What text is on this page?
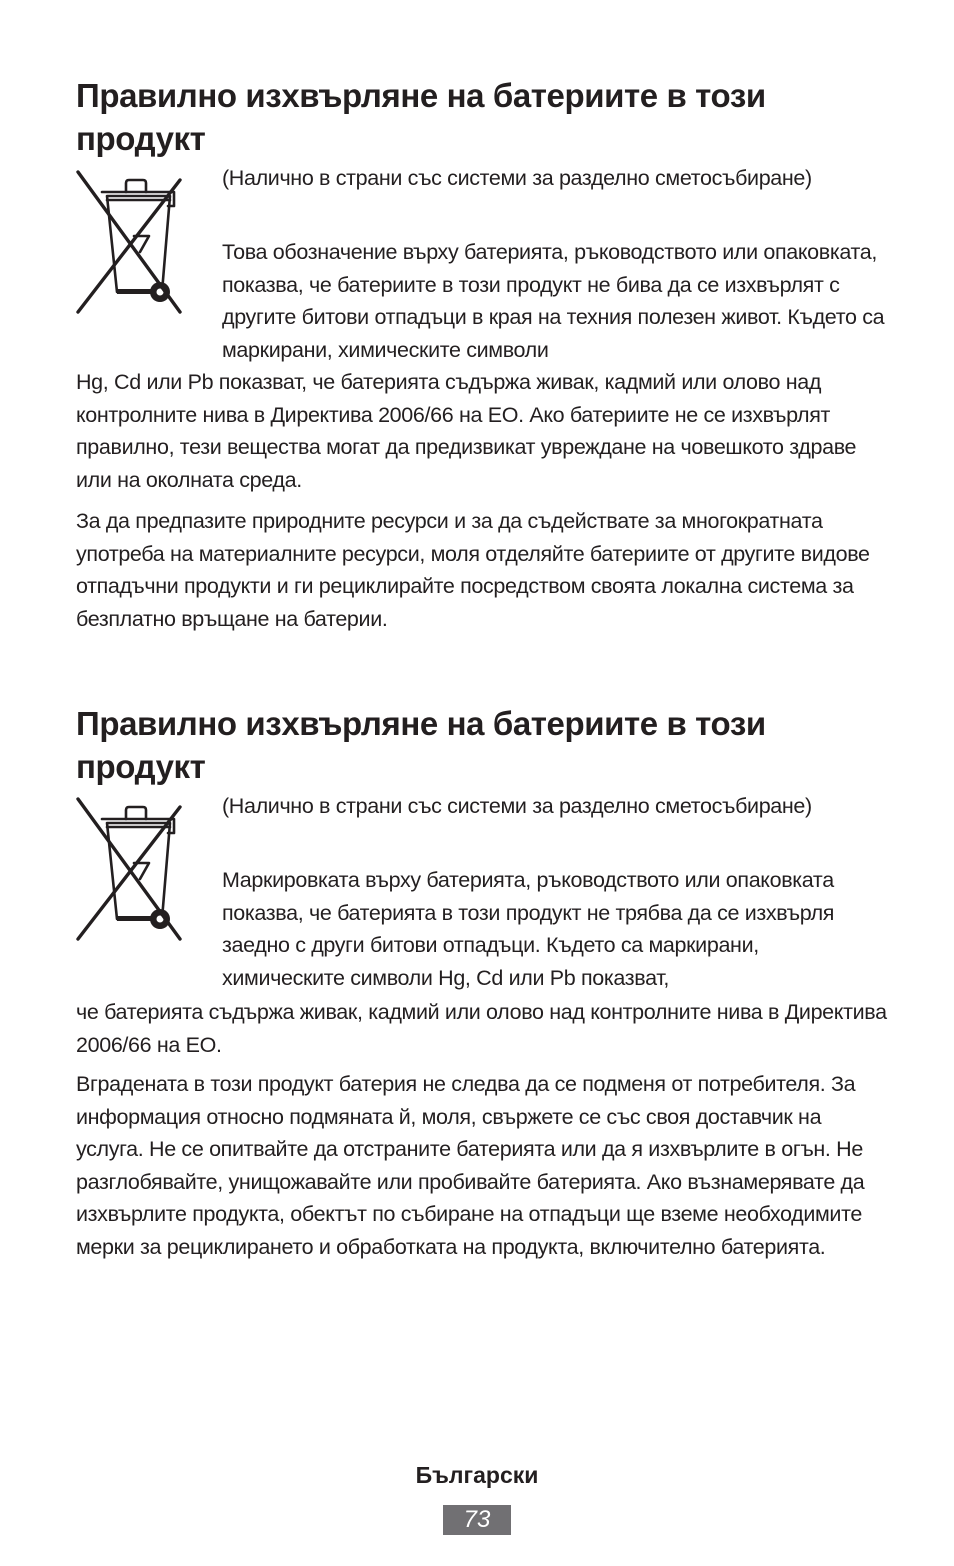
Правилно изхвърляне на батериите в този продукт

(Налично в страни със системи за разделно сметосъбиране)

Това обозначение върху батерията, ръководството или опаковката, показва, че батериите в този продукт не бива да се изхвърлят с другите битови отпадъци в края на техния полезен живот. Където са маркирани, химическите символи

Hg, Cd или Pb показват, че батерията съдържа живак, кадмий или олово над контролните нива в Директива 2006/66 на ЕО. Ако батериите не се изхвърлят правилно, тези вещества могат да предизвикат увреждане на човешкото здраве или на околната среда.

За да предпазите природните ресурси и за да съдействате за многократната употреба на материалните ресурси, моля отделяйте батериите от другите видове отпадъчни продукти и ги рециклирайте посредством своята локална система за безплатно връщане на батерии.

Правилно изхвърляне на батериите в този продукт

(Налично в страни със системи за разделно сметосъбиране)

Маркировката върху батерията, ръководството или опаковката показва, че батерията в този продукт не трябва да се изхвърля заедно с други битови отпадъци. Където са маркирани, химическите символи Hg, Cd или Pb показват,

че батерията съдържа живак, кадмий или олово над контролните нива в Директива 2006/66 на ЕО.

Вградената в този продукт батерия не следва да се подменя от потребителя. За информация относно подмяната й, моля, свържете се със своя доставчик на услуга. Не се опитвайте да отстраните батерията или да я изхвърлите в огън. Не разглобявайте, унищожавайте или пробивайте батерията. Ако възнамерявате да изхвърлите продукта, обектът по събиране на отпадъци ще вземе необходимите мерки за рециклирането и обработката на продукта, включително батерията.

Български
73
